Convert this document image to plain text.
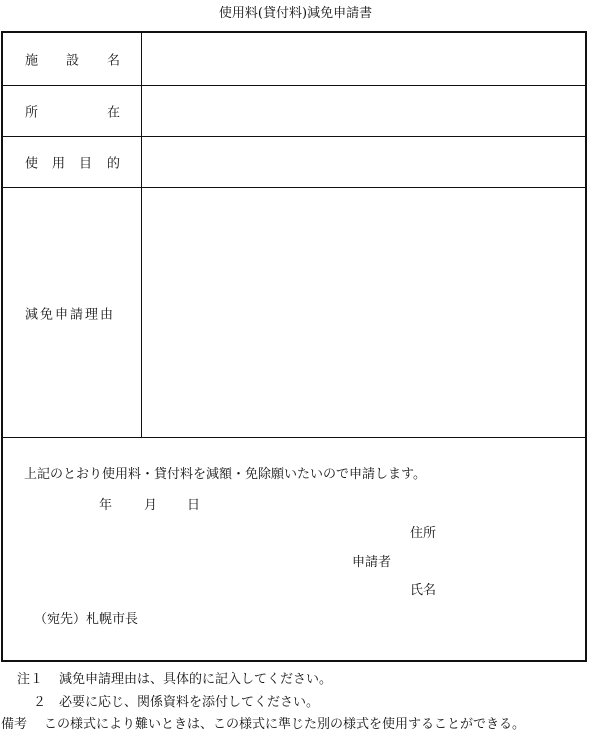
使用料(貸付料)減免申請書
施 設 名
所	在
使 用 目 的
減免申請理由
上記のとおり使用料・貸付料を減額・免除願いたいので申請します。
年 月 日
住所
申請者
氏名
（宛先）札幌市長
注１ 減免申請理由は、具体的に記入してください。
２ 必要に応じ、関係資料を添付してください。
備考 この様式により難いときは、この様式に準じた別の様式を使用することができる。
